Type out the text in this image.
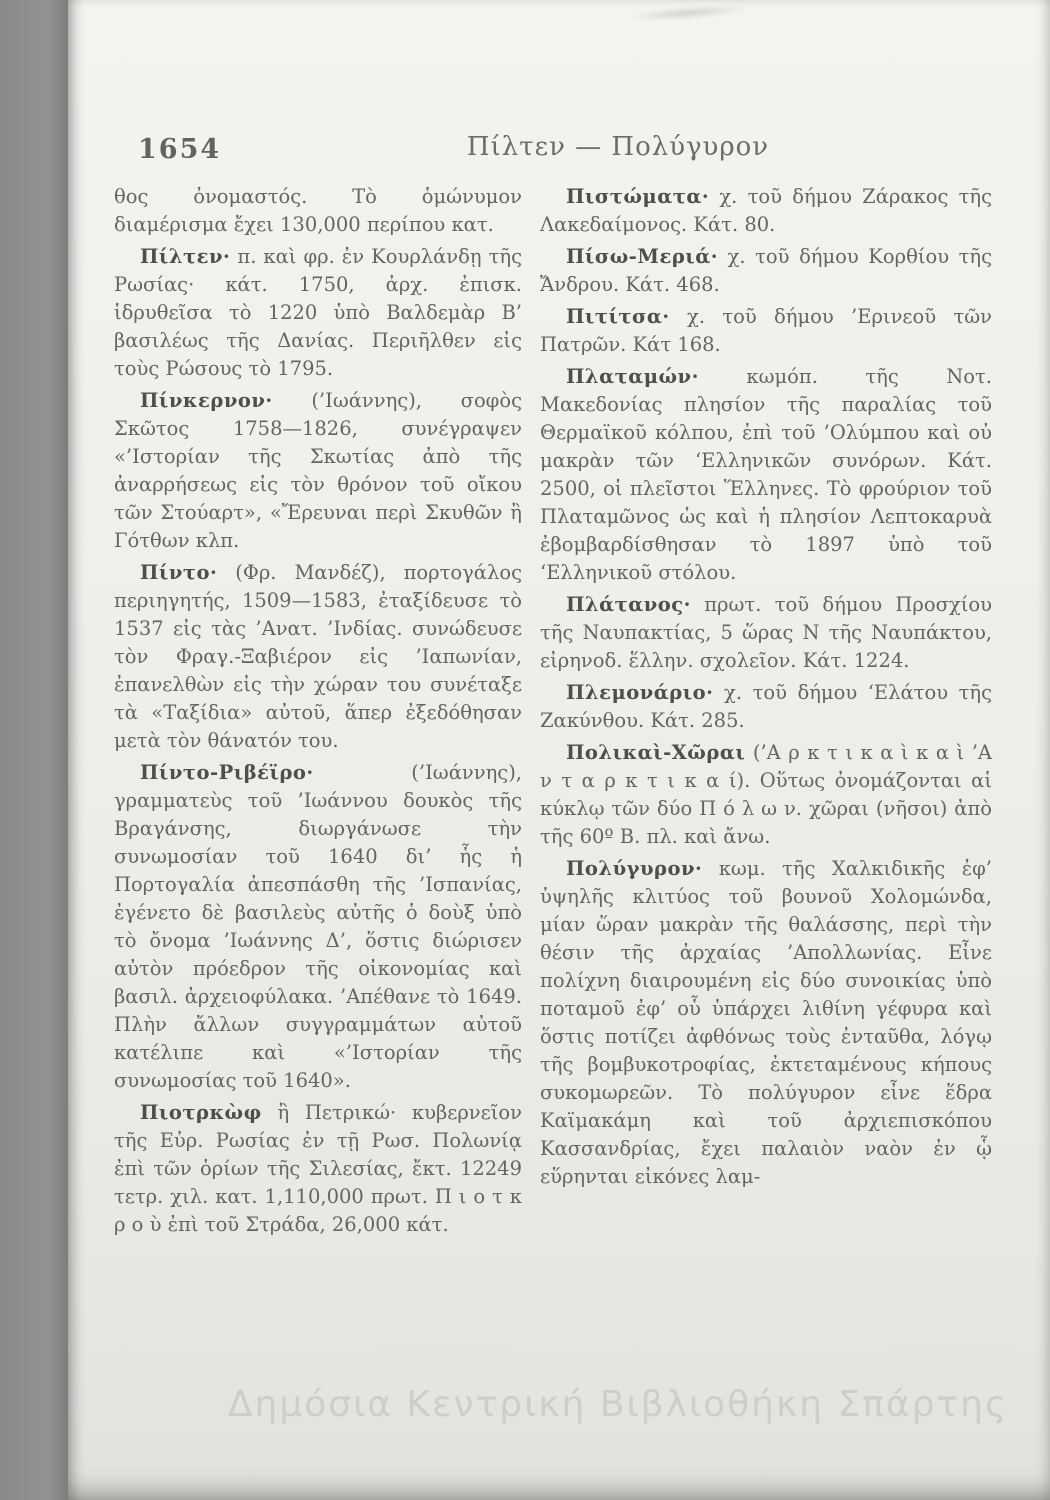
1654	Πίλτεν — Πολύγυρον

θος ὀνομαστός. Τὸ ὁμώνυμον διαμέρισμα ἔχει 130,000 περίπου κατ.

Πίλτεν· π. καὶ φρ. ἐν Κουρλάνδῃ τῆς Ρωσίας· κάτ. 1750, ἀρχ. ἐπισκ. ἱδρυθεῖσα τὸ 1220 ὑπὸ Βαλδεμὰρ Β’ βασιλέως τῆς Δανίας. Περιῆλθεν εἰς τοὺς Ρώσους τὸ 1795.

Πίνκερνον· (’Ιωάννης), σοφὸς Σκῶτος 1758—1826, συνέγραψεν «’Ιστορίαν τῆς Σκωτίας ἀπὸ τῆς ἀναρρήσεως εἰς τὸν θρόνον τοῦ οἴκου τῶν Στούαρτ», «Ἔρευναι περὶ Σκυθῶν ἢ Γότθων κλπ.

Πίντο· (Φρ. Μανδέζ), πορτογάλος περιηγητής, 1509—1583, ἐταξίδευσε τὸ 1537 εἰς τὰς ’Ανατ. ’Ινδίας. συνώδευσε τὸν Φραγ.-Ξαβιέρον εἰς ’Ιαπωνίαν, ἐπανελθὼν εἰς τὴν χώραν του συνέταξε τὰ «Ταξίδια» αὐτοῦ, ἅπερ ἐξεδόθησαν μετὰ τὸν θάνατόν του.

Πίντο-Ριβέϊρο·	(’Ιωάννης), γραμματεὺς τοῦ ’Ιωάννου δουκὸς τῆς Βραγάνσης, διωργάνωσε τὴν συνωμοσίαν τοῦ 1640 δι’ ἧς ἡ Πορτογαλία ἀπεσπάσθη τῆς ’Ισπανίας, ἐγένετο δὲ βασιλεὺς αὐτῆς ὁ δοὺξ ὑπὸ τὸ ὄνομα ’Ιωάννης Δ’, ὅστις διώρισεν αὐτὸν πρόεδρον τῆς οἰκονομίας καὶ βασιλ. ἀρχειοφύλακα. ’Απέθανε τὸ 1649. Πλὴν ἄλλων συγγραμμάτων αὐτοῦ κατέλιπε καὶ «’Ιστορίαν τῆς συνωμοσίας τοῦ 1640».

Πιοτρκὼφ ἢ Πετρικώ· κυβερνεῖον τῆς Εὐρ. Ρωσίας ἐν τῇ Ρωσ. Πολωνίᾳ ἐπὶ τῶν ὁρίων τῆς Σιλεσίας, ἔκτ. 12249 τετρ. χιλ. κατ. 1,110,000 πρωτ. Π ι ο τ κ ρ ο ὺ ἐπὶ τοῦ Στράδα, 26,000 κάτ.

Πιστώματα· χ. τοῦ δήμου Ζάρακος τῆς Λακεδαίμονος. Κάτ. 80.

Πίσω-Μεριά· χ. τοῦ δήμου Κορθίου τῆς Ἄνδρου. Κάτ. 468.

Πιτίτσα· χ. τοῦ δήμου ’Ερινεοῦ τῶν Πατρῶν. Κάτ 168.

Πλαταμών· κωμόπ. τῆς Νοτ. Μακεδονίας πλησίον τῆς παραλίας τοῦ Θερμαϊκοῦ κόλπου, ἐπὶ τοῦ ’Ολύμπου καὶ οὐ μακρὰν τῶν ‘Ελληνικῶν συνόρων. Κάτ. 2500, οἱ πλεῖστοι Ἕλληνες. Τὸ φρούριον τοῦ Πλαταμῶνος ὡς καὶ ἡ πλησίον Λεπτοκαρυὰ ἐβομβαρδίσθησαν τὸ 1897 ὑπὸ τοῦ ‘Ελληνικοῦ στόλου.

Πλάτανος· πρωτ. τοῦ δήμου Προσχίου τῆς Ναυπακτίας, 5 ὥρας Ν τῆς Ναυπάκτου, εἰρηνοδ. ἕλλην. σχολεῖον. Κάτ. 1224.

Πλεμονάριο· χ. τοῦ δήμου ‘Ελάτου τῆς Ζακύνθου. Κάτ. 285.

Πολικαὶ-Χῶραι (’Α ρ κ τ ι κ α ὶ κ α ὶ ’Α ν τ α ρ κ τ ι κ α ί). Οὕτως ὀνομάζονται αἱ κύκλῳ τῶν δύο Π ό λ ω ν. χῶραι (νῆσοι) ἀπὸ τῆς 60º Β. πλ. καὶ ἄνω.

Πολύγυρον· κωμ. τῆς Χαλκιδικῆς ἐφ’ ὑψηλῆς κλιτύος τοῦ βουνοῦ Χολομώνδα, μίαν ὥραν μακρὰν τῆς θαλάσσης, περὶ τὴν θέσιν τῆς ἀρχαίας ’Απολλωνίας. Εἶνε πολίχνη διαιρουμένη εἰς δύο συνοικίας ὑπὸ ποταμοῦ ἐφ’ οὗ ὑπάρχει λιθίνη γέφυρα καὶ ὅστις ποτίζει ἀφθόνως τοὺς ἐνταῦθα, λόγῳ τῆς βομβυκοτροφίας, ἐκτεταμένους κήπους συκομωρεῶν. Τὸ πολύγυρον εἶνε ἕδρα Καϊμακάμη καὶ τοῦ ἀρχιεπισκόπου Κασσανδρίας, ἔχει παλαιὸν ναὸν ἐν ᾧ εὕρηνται εἰκόνες λαμ-

Δημόσια Κεντρική Βιβλιοθήκη Σπάρτης
